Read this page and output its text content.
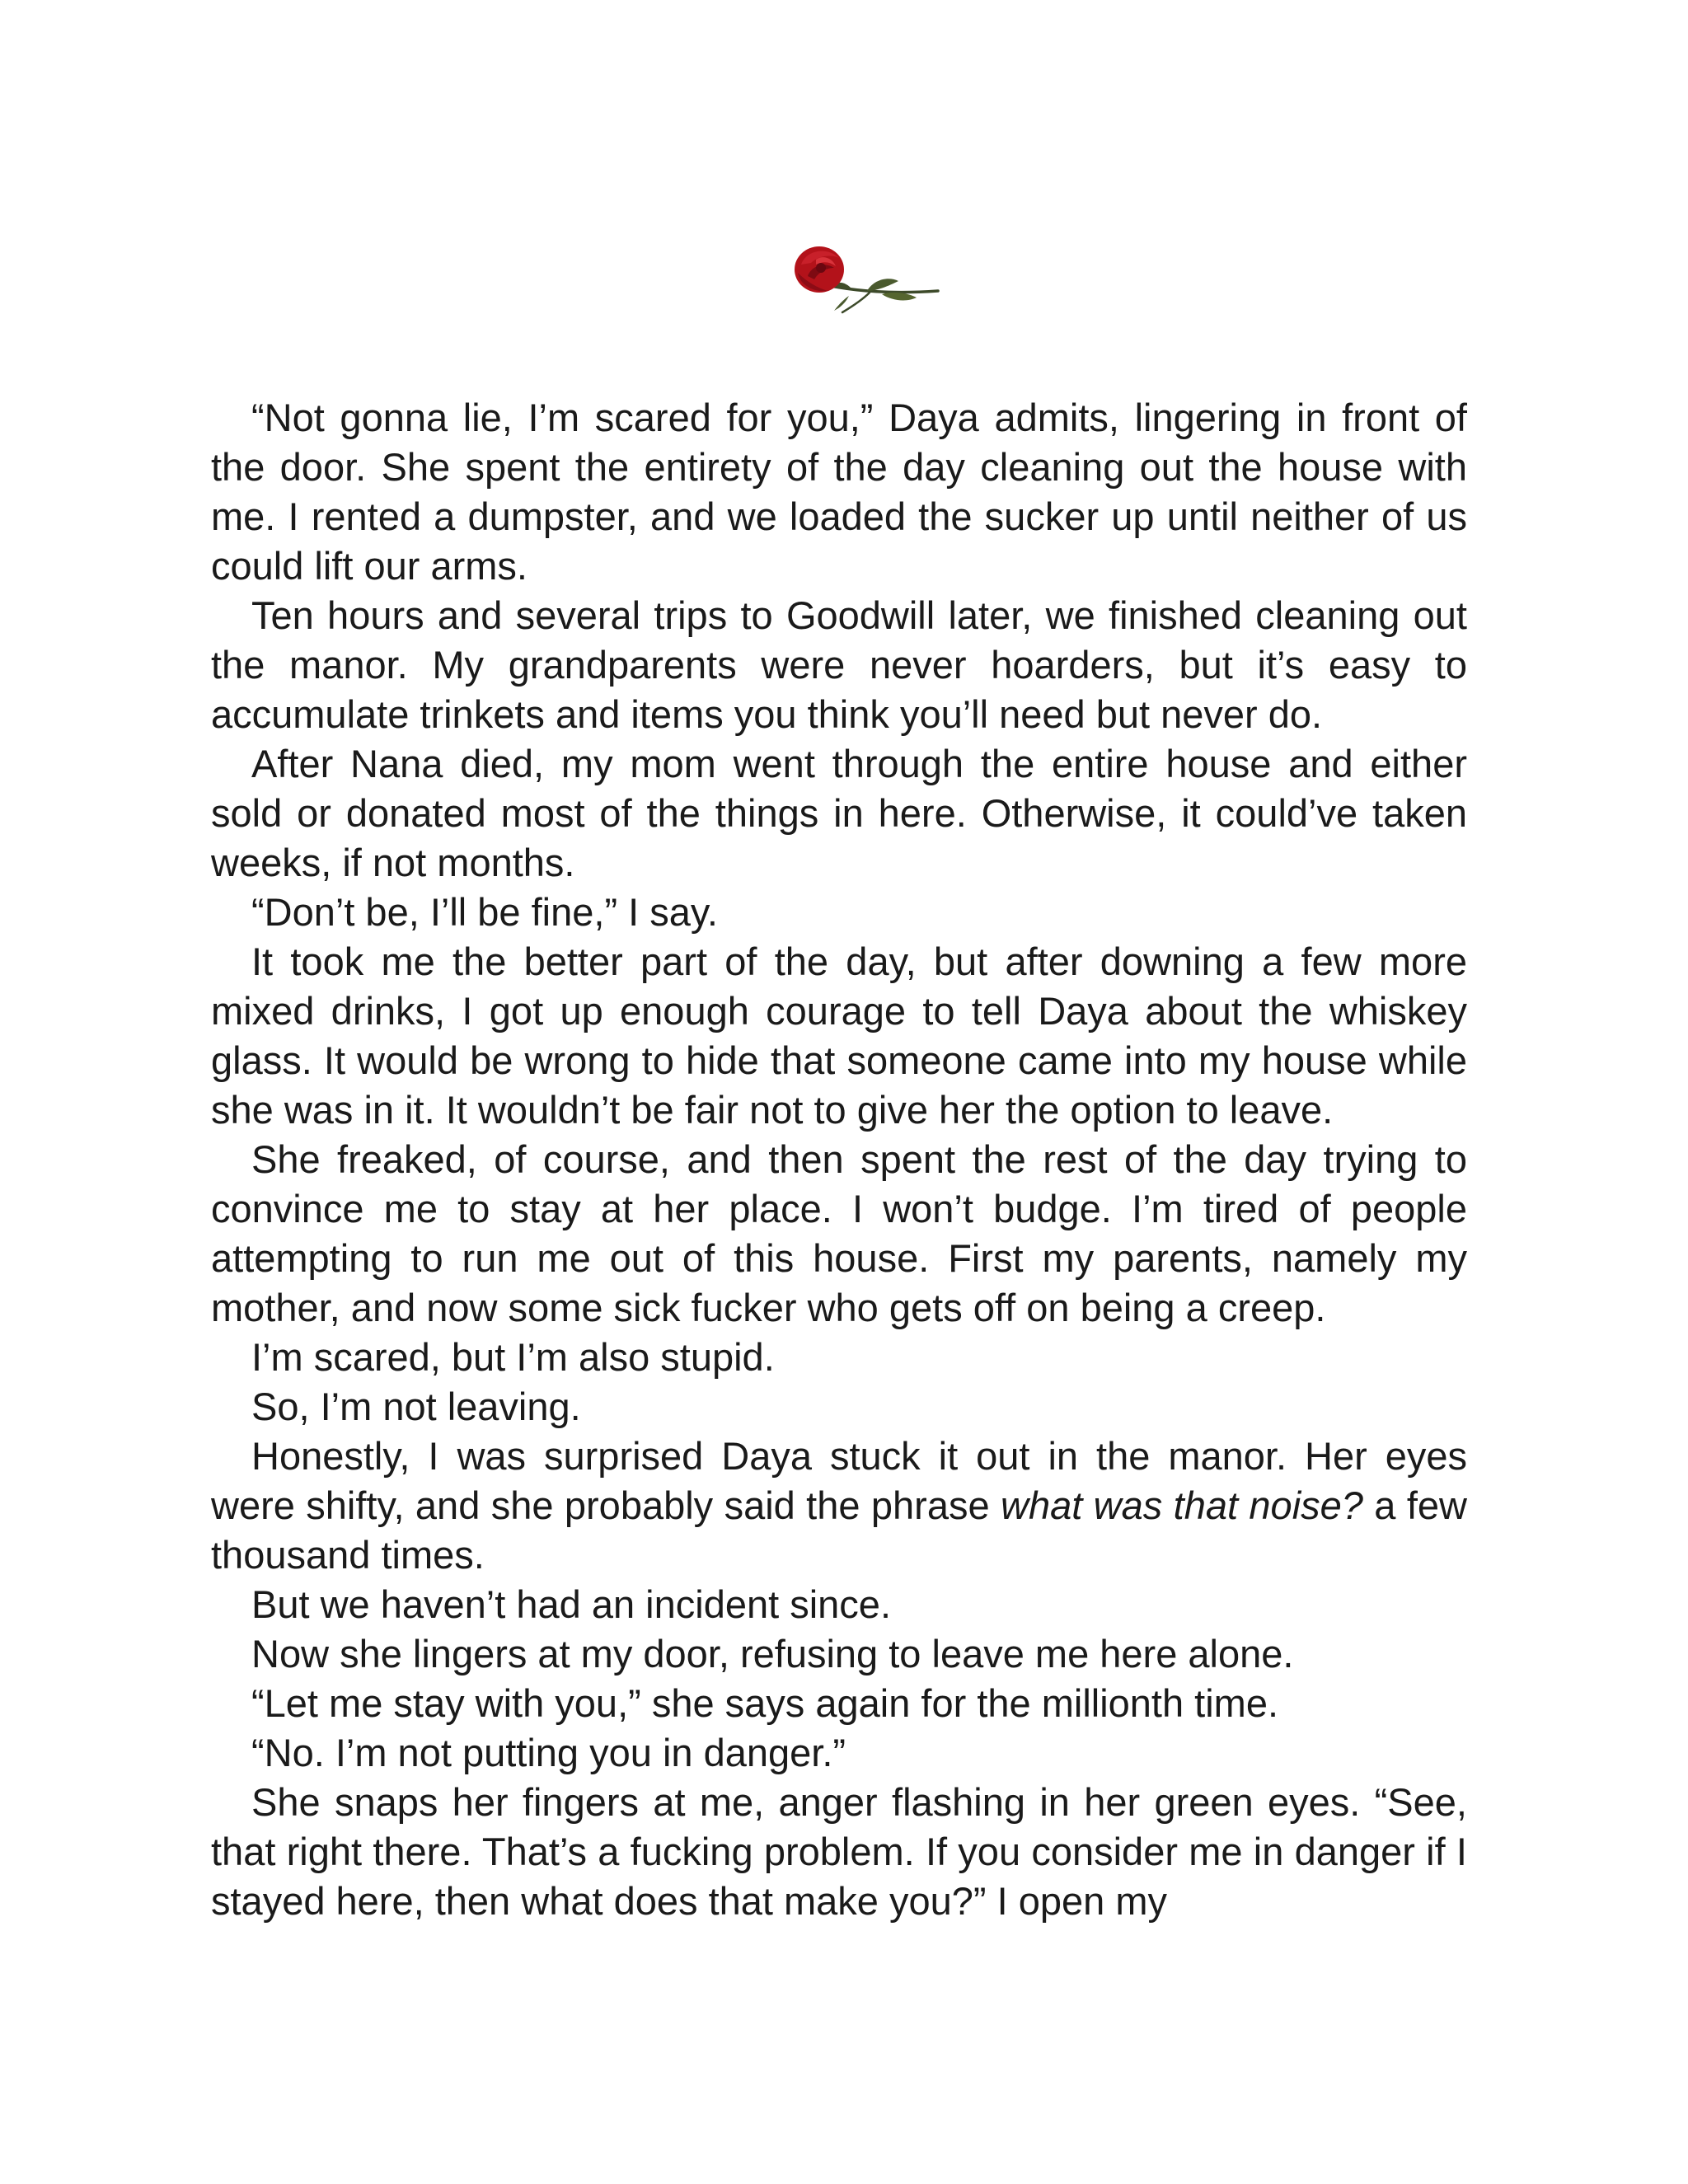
“Not gonna lie, I’m scared for you,” Daya admits, lingering in front of the door. She spent the entirety of the day cleaning out the house with me. I rented a dumpster, and we loaded the sucker up until neither of us could lift our arms.

Ten hours and several trips to Goodwill later, we finished cleaning out the manor. My grandparents were never hoarders, but it’s easy to accumulate trinkets and items you think you’ll need but never do.

After Nana died, my mom went through the entire house and either sold or donated most of the things in here. Otherwise, it could’ve taken weeks, if not months.

“Don’t be, I’ll be fine,” I say.

It took me the better part of the day, but after downing a few more mixed drinks, I got up enough courage to tell Daya about the whiskey glass. It would be wrong to hide that someone came into my house while she was in it. It wouldn’t be fair not to give her the option to leave.

She freaked, of course, and then spent the rest of the day trying to convince me to stay at her place. I won’t budge. I’m tired of people attempting to run me out of this house. First my parents, namely my mother, and now some sick fucker who gets off on being a creep.

I’m scared, but I’m also stupid.

So, I’m not leaving.

Honestly, I was surprised Daya stuck it out in the manor. Her eyes were shifty, and she probably said the phrase what was that noise? a few thousand times.

But we haven’t had an incident since.

Now she lingers at my door, refusing to leave me here alone.

“Let me stay with you,” she says again for the millionth time.

“No. I’m not putting you in danger.”

She snaps her fingers at me, anger flashing in her green eyes. “See, that right there. That’s a fucking problem. If you consider me in danger if I stayed here, then what does that make you?” I open my
